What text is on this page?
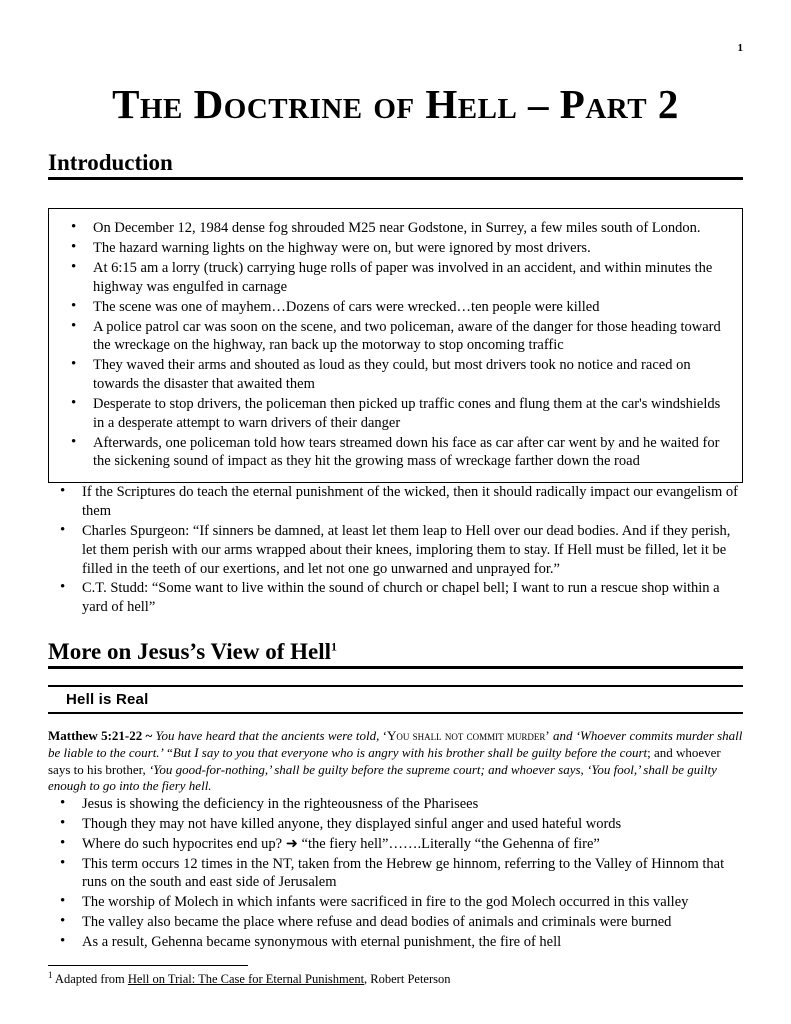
1
The Doctrine of Hell – Part 2
Introduction
• On December 12, 1984 dense fog shrouded M25 near Godstone, in Surrey, a few miles south of London.
• The hazard warning lights on the highway were on, but were ignored by most drivers.
• At 6:15 am a lorry (truck) carrying huge rolls of paper was involved in an accident, and within minutes the highway was engulfed in carnage
• The scene was one of mayhem…Dozens of cars were wrecked…ten people were killed
• A police patrol car was soon on the scene, and two policeman, aware of the danger for those heading toward the wreckage on the highway, ran back up the motorway to stop oncoming traffic
• They waved their arms and shouted as loud as they could, but most drivers took no notice and raced on towards the disaster that awaited them
• Desperate to stop drivers, the policeman then picked up traffic cones and flung them at the car's windshields in a desperate attempt to warn drivers of their danger
• Afterwards, one policeman told how tears streamed down his face as car after car went by and he waited for the sickening sound of impact as they hit the growing mass of wreckage farther down the road
• If the Scriptures do teach the eternal punishment of the wicked, then it should radically impact our evangelism of them
• Charles Spurgeon: “If sinners be damned, at least let them leap to Hell over our dead bodies. And if they perish, let them perish with our arms wrapped about their knees, imploring them to stay. If Hell must be filled, let it be filled in the teeth of our exertions, and let not one go unwarned and unprayed for.”
• C.T. Studd: “Some want to live within the sound of church or chapel bell; I want to run a rescue shop within a yard of hell”
More on Jesus’s View of Hell$^1$
Hell is Real

Matthew 5:21-22 ~ You have heard that the ancients were told, ‘You shall not commit murder’ and ‘Whoever commits murder shall be liable to the court.’ “But I say to you that everyone who is angry with his brother shall be guilty before the court; and whoever says to his brother, ‘You good-for-nothing,’ shall be guilty before the supreme court; and whoever says, ‘You fool,’ shall be guilty enough to go into the fiery hell.

• Jesus is showing the deficiency in the righteousness of the Pharisees
• Though they may not have killed anyone, they displayed sinful anger and used hateful words
• Where do such hypocrites end up? ➜ “the fiery hell”…….Literally “the Gehenna of fire”
• This term occurs 12 times in the NT, taken from the Hebrew ge hinnom, referring to the Valley of Hinnom that runs on the south and east side of Jerusalem
• The worship of Molech in which infants were sacrificed in fire to the god Molech occurred in this valley
• The valley also became the place where refuse and dead bodies of animals and criminals were burned
• As a result, Gehenna became synonymous with eternal punishment, the fire of hell
$^1$ Adapted from Hell on Trial: The Case for Eternal Punishment, Robert Peterson
